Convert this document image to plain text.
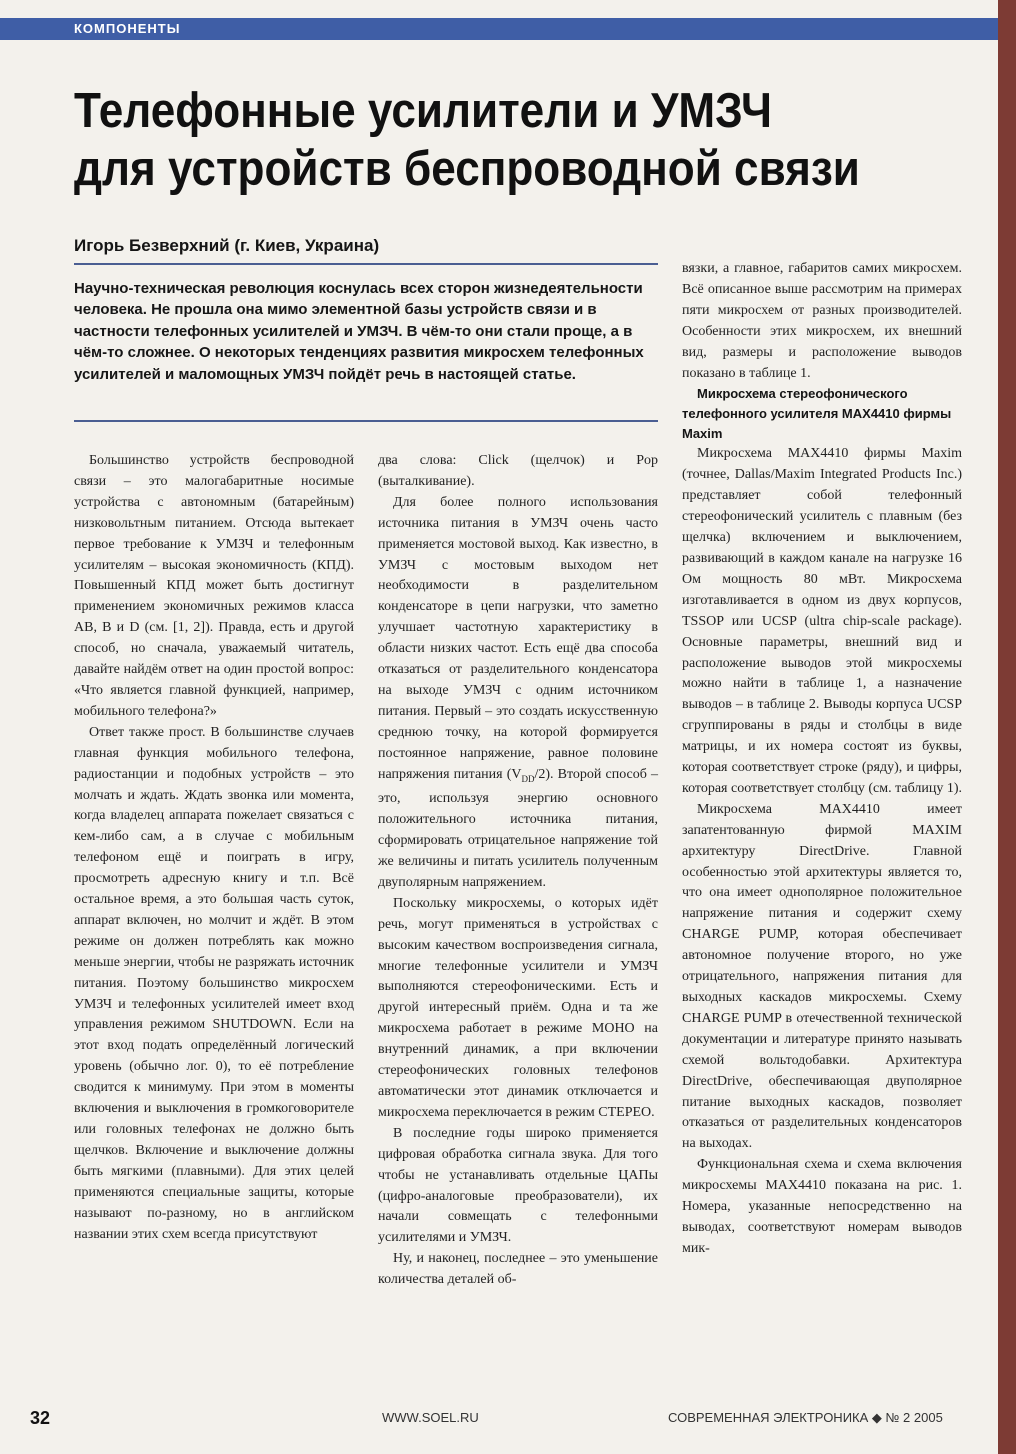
КОМПОНЕНТЫ
Телефонные усилители и УМЗЧ
для устройств беспроводной связи

Игорь Безверхний (г. Киев, Украина)

Научно-техническая революция коснулась всех сторон жизнедеятельности человека. Не прошла она мимо элементной базы устройств связи и в частности телефонных усилителей и УМЗЧ. В чём-то они стали проще, а в чём-то сложнее. О некоторых тенденциях развития микросхем телефонных усилителей и маломощных УМЗЧ пойдёт речь в настоящей статье.

Большинство устройств беспроводной связи – это малогабаритные носимые устройства с автономным (батарейным) низковольтным питанием. Отсюда вытекает первое требование к УМЗЧ и телефонным усилителям – высокая экономичность (КПД). Повышенный КПД может быть достигнут применением экономичных режимов класса AB, B и D (см. [1, 2]). Правда, есть и другой способ, но сначала, уважаемый читатель, давайте найдём ответ на один простой вопрос: «Что является главной функцией, например, мобильного телефона?»

Ответ также прост. В большинстве случаев главная функция мобильного телефона, радиостанции и подобных устройств – это молчать и ждать. Ждать звонка или момента, когда владелец аппарата пожелает связаться с кем-либо сам, а в случае с мобильным телефоном ещё и поиграть в игру, просмотреть адресную книгу и т.п. Всё остальное время, а это большая часть суток, аппарат включен, но молчит и ждёт. В этом режиме он должен потреблять как можно меньше энергии, чтобы не разряжать источник питания. Поэтому большинство микросхем УМЗЧ и телефонных усилителей имеет вход управления режимом SHUTDOWN. Если на этот вход подать определённый логический уровень (обычно лог. 0), то её потребление сводится к минимуму. При этом в моменты включения и выключения в громкоговорителе или головных телефонах не должно быть щелчков. Включение и выключение должны быть мягкими (плавными). Для этих целей применяются специальные защиты, которые называют по-разному, но в английском названии этих схем всегда присутствуют

два слова: Click (щелчок) и Pop (выталкивание).

Для более полного использования источника питания в УМЗЧ очень часто применяется мостовой выход. Как известно, в УМЗЧ с мостовым выходом нет необходимости в разделительном конденсаторе в цепи нагрузки, что заметно улучшает частотную характеристику в области низких частот. Есть ещё два способа отказаться от разделительного конденсатора на выходе УМЗЧ с одним источником питания. Первый – это создать искусственную среднюю точку, на которой формируется постоянное напряжение, равное половине напряжения питания $(V_{DD}/2)$. Второй способ – это, используя энергию основного положительного источника питания, сформировать отрицательное напряжение той же величины и питать усилитель полученным двуполярным напряжением.

Поскольку микросхемы, о которых идёт речь, могут применяться в устройствах с высоким качеством воспроизведения сигнала, многие телефонные усилители и УМЗЧ выполняются стереофоническими. Есть и другой интересный приём. Одна и та же микросхема работает в режиме МОНО на внутренний динамик, а при включении стереофонических головных телефонов автоматически этот динамик отключается и микросхема переключается в режим СТЕРЕО.

В последние годы широко применяется цифровая обработка сигнала звука. Для того чтобы не устанавливать отдельные ЦАПы (цифро-аналоговые преобразователи), их начали совмещать с телефонными усилителями и УМЗЧ.

Ну, и наконец, последнее – это уменьшение количества деталей об-

вязки, а главное, габаритов самих микросхем. Всё описанное выше рассмотрим на примерах пяти микросхем от разных производителей. Особенности этих микросхем, их внешний вид, размеры и расположение выводов показано в таблице 1.

Микросхема стереофонического телефонного усилителя MAX4410 фирмы Maxim

Микросхема MAX4410 фирмы Maxim (точнее, Dallas/Maxim Integrated Products Inc.) представляет собой телефонный стереофонический усилитель с плавным (без щелчка) включением и выключением, развивающий в каждом канале на нагрузке 16 Ом мощность 80 мВт. Микросхема изготавливается в одном из двух корпусов, TSSOP или UCSP (ultra chip-scale package). Основные параметры, внешний вид и расположение выводов этой микросхемы можно найти в таблице 1, а назначение выводов – в таблице 2. Выводы корпуса UCSP сгруппированы в ряды и столбцы в виде матрицы, и их номера состоят из буквы, которая соответствует строке (ряду), и цифры, которая соответствует столбцу (см. таблицу 1).

Микросхема MAX4410 имеет запатентованную фирмой MAXIM архитектуру DirectDrive. Главной особенностью этой архитектуры является то, что она имеет однополярное положительное напряжение питания и содержит схему CHARGE PUMP, которая обеспечивает автономное получение второго, но уже отрицательного, напряжения питания для выходных каскадов микросхемы. Схему CHARGE PUMP в отечественной технической документации и литературе принято называть схемой вольтодобавки. Архитектура DirectDrive, обеспечивающая двуполярное питание выходных каскадов, позволяет отказаться от разделительных конденсаторов на выходах.

Функциональная схема и схема включения микросхемы MAX4410 показана на рис. 1. Номера, указанные непосредственно на выводах, соответствуют номерам выводов мик-

32	WWW.SOEL.RU	СОВРЕМЕННАЯ ЭЛЕКТРОНИКА ◆ № 2 2005
